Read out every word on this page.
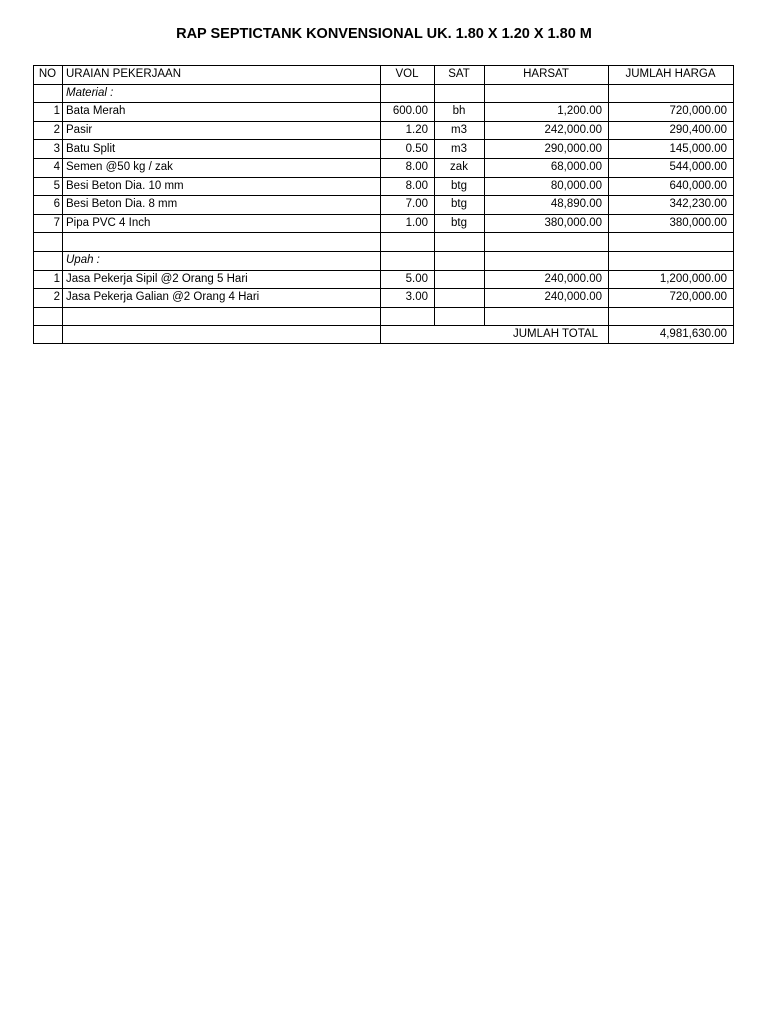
RAP SEPTICTANK KONVENSIONAL UK. 1.80 X 1.20 X 1.80 M
NO	URAIAN PEKERJAAN	VOL	SAT	HARSAT	JUMLAH HARGA
	Material :				
1	Bata Merah	600.00	bh	1,200.00	720,000.00
2	Pasir	1.20	m3	242,000.00	290,400.00
3	Batu Split	0.50	m3	290,000.00	145,000.00
4	Semen @50 kg / zak	8.00	zak	68,000.00	544,000.00
5	Besi Beton Dia. 10 mm	8.00	btg	80,000.00	640,000.00
6	Besi Beton Dia. 8 mm	7.00	btg	48,890.00	342,230.00
7	Pipa PVC 4 Inch	1.00	btg	380,000.00	380,000.00

	Upah :				
1	Jasa Pekerja Sipil @2 Orang 5 Hari	5.00		240,000.00	1,200,000.00
2	Jasa Pekerja Galian @2 Orang 4 Hari	3.00		240,000.00	720,000.00

		JUMLAH TOTAL			4,981,630.00
